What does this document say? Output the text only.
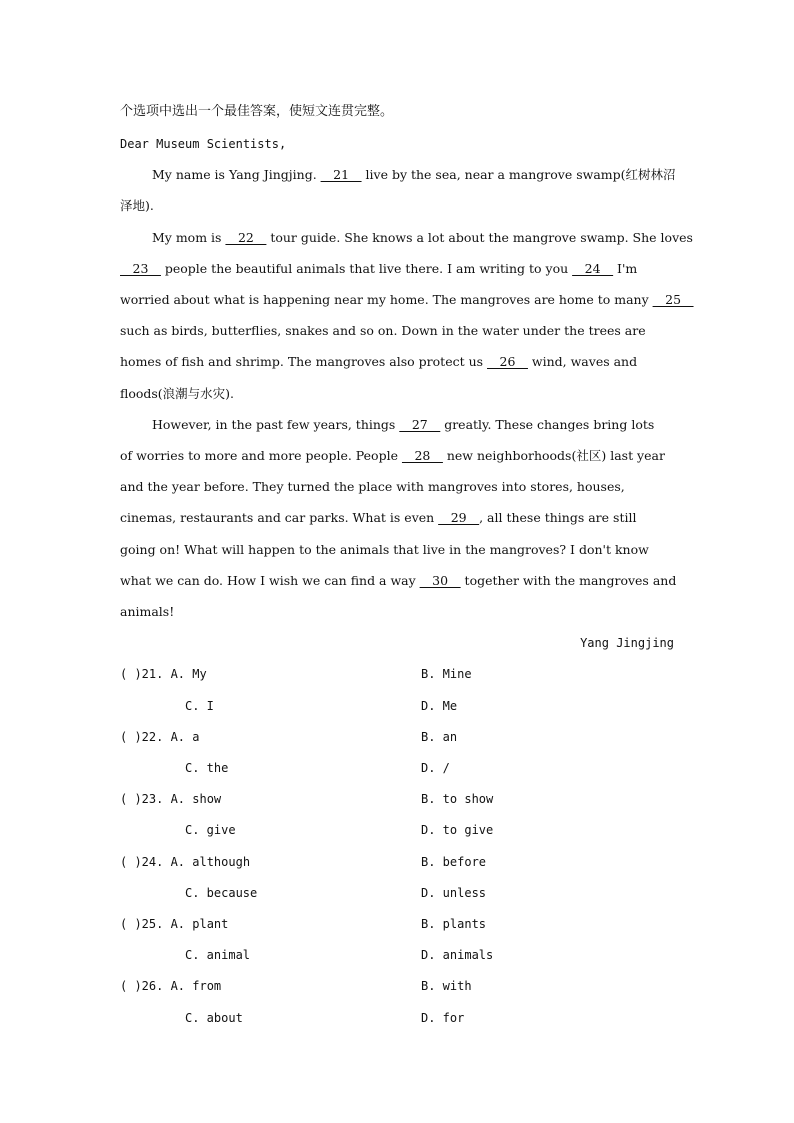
个选项中选出一个最佳答案，使短文连贯完整。
Dear Museum Scientists,
My name is Yang Jingjing. __21__ live by the sea, near a mangrove swamp(红树林沼
泽地).
My mom is __22__ tour guide. She knows a lot about the mangrove swamp. She loves
__23__ people the beautiful animals that live there. I am writing to you __24__ I'm
worried about what is happening near my home. The mangroves are home to many __25__
such as birds, butterflies, snakes and so on. Down in the water under the trees are
homes of fish and shrimp. The mangroves also protect us __26__ wind, waves and
floods(浪潮与水灾).
However, in the past few years, things __27__ greatly. These changes bring lots
of worries to more and more people. People __28__ new neighborhoods(社区) last year
and the year before. They turned the place with mangroves into stores, houses,
cinemas, restaurants and car parks. What is even __29__, all these things are still
going on! What will happen to the animals that live in the mangroves? I don't know
what we can do. How I wish we can find a way __30__ together with the mangroves and
animals!
Yang Jingjing
( )21. A. My	B. Mine
C. I	D. Me
( )22. A. a	B. an
C. the	D. /
( )23. A. show	B. to show
C. give	D. to give
( )24. A. although	B. before
C. because	D. unless
( )25. A. plant	B. plants
C. animal	D. animals
( )26. A. from	B. with
C. about	D. for
